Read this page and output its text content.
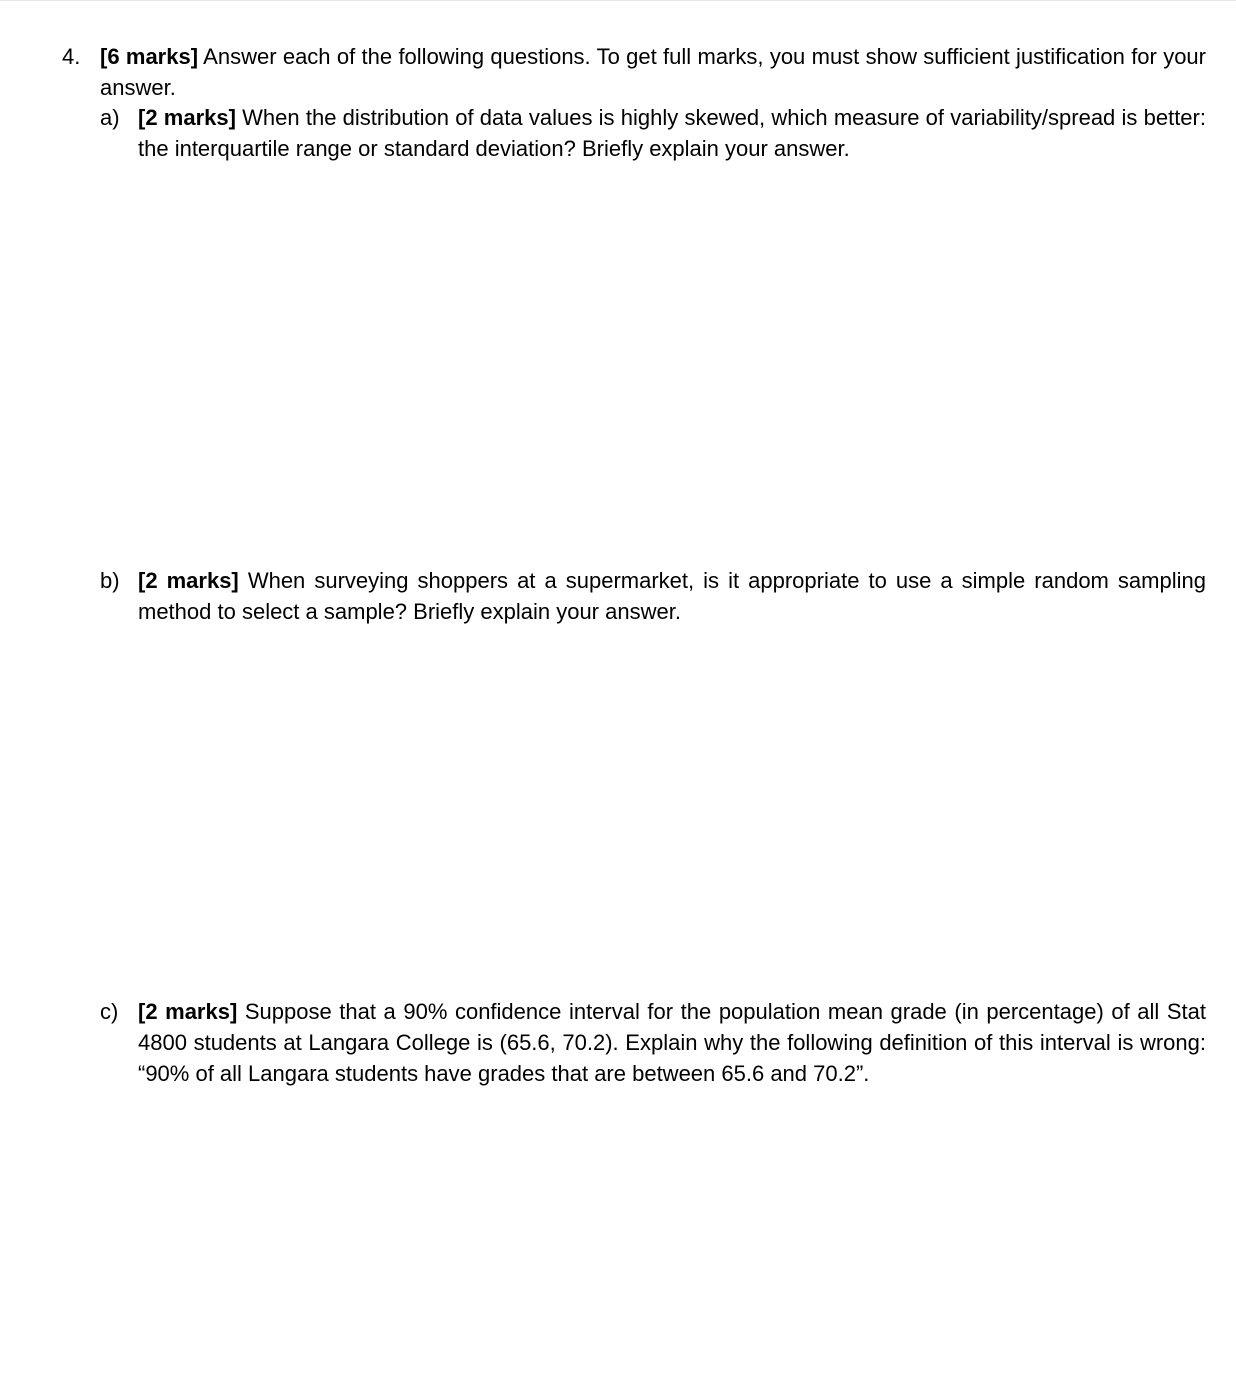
4. [6 marks] Answer each of the following questions. To get full marks, you must show sufficient justification for your answer.
a) [2 marks] When the distribution of data values is highly skewed, which measure of variability/spread is better: the interquartile range or standard deviation? Briefly explain your answer.
b) [2 marks] When surveying shoppers at a supermarket, is it appropriate to use a simple random sampling method to select a sample? Briefly explain your answer.
c) [2 marks] Suppose that a 90% confidence interval for the population mean grade (in percentage) of all Stat 4800 students at Langara College is (65.6, 70.2). Explain why the following definition of this interval is wrong: “90% of all Langara students have grades that are between 65.6 and 70.2”.
